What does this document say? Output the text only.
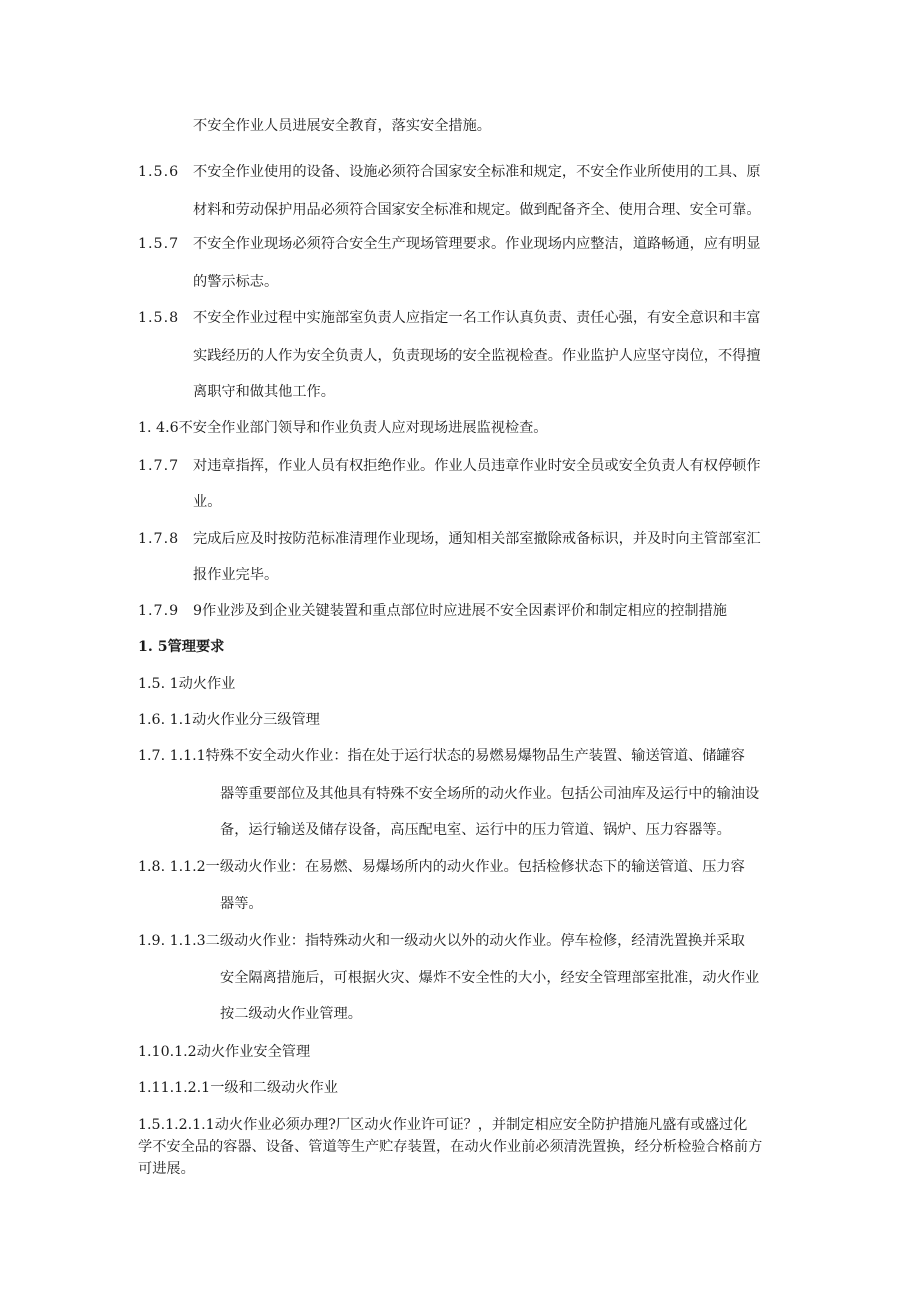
不安全作业人员进展安全教育，落实安全措施。
1.5.6 不安全作业使用的设备、设施必须符合国家安全标准和规定，不安全作业所使用的工具、原
材料和劳动保护用品必须符合国家安全标准和规定。做到配备齐全、使用合理、安全可靠。
1.5.7 不安全作业现场必须符合安全生产现场管理要求。作业现场内应整洁，道路畅通，应有明显
的警示标志。
1.5.8 不安全作业过程中实施部室负责人应指定一名工作认真负责、责任心强，有安全意识和丰富
实践经历的人作为安全负责人，负责现场的安全监视检查。作业监护人应坚守岗位，不得擅
离职守和做其他工作。
1. 4.6不安全作业部门领导和作业负责人应对现场进展监视检查。
1.7.7 对违章指挥，作业人员有权拒绝作业。作业人员违章作业时安全员或安全负责人有权停顿作
业。
1.7.8 完成后应及时按防范标准清理作业现场，通知相关部室撤除戒备标识，并及时向主管部室汇
报作业完毕。
1.7.9 9作业涉及到企业关键装置和重点部位时应进展不安全因素评价和制定相应的控制措施
1. 5管理要求
1.5. 1动火作业
1.6. 1.1动火作业分三级管理
1.7. 1.1.1特殊不安全动火作业：指在处于运行状态的易燃易爆物品生产装置、输送管道、储罐容
器等重要部位及其他具有特殊不安全场所的动火作业。包括公司油库及运行中的输油设
备，运行输送及储存设备，高压配电室、运行中的压力管道、锅炉、压力容器等。
1.8. 1.1.2一级动火作业：在易燃、易爆场所内的动火作业。包括检修状态下的输送管道、压力容
器等。
1.9. 1.1.3二级动火作业：指特殊动火和一级动火以外的动火作业。停车检修，经清洗置换并采取
安全隔离措施后，可根据火灾、爆炸不安全性的大小，经安全管理部室批准，动火作业
按二级动火作业管理。
1.10.1.2动火作业安全管理
1.11.1.2.1一级和二级动火作业
1.5.1.2.1.1动火作业必须办理?厂区动火作业许可证？，并制定相应安全防护措施凡盛有或盛过化
学不安全品的容器、设备、管道等生产贮存装置，在动火作业前必须清洗置换，经分析检验合格前方
可进展。
